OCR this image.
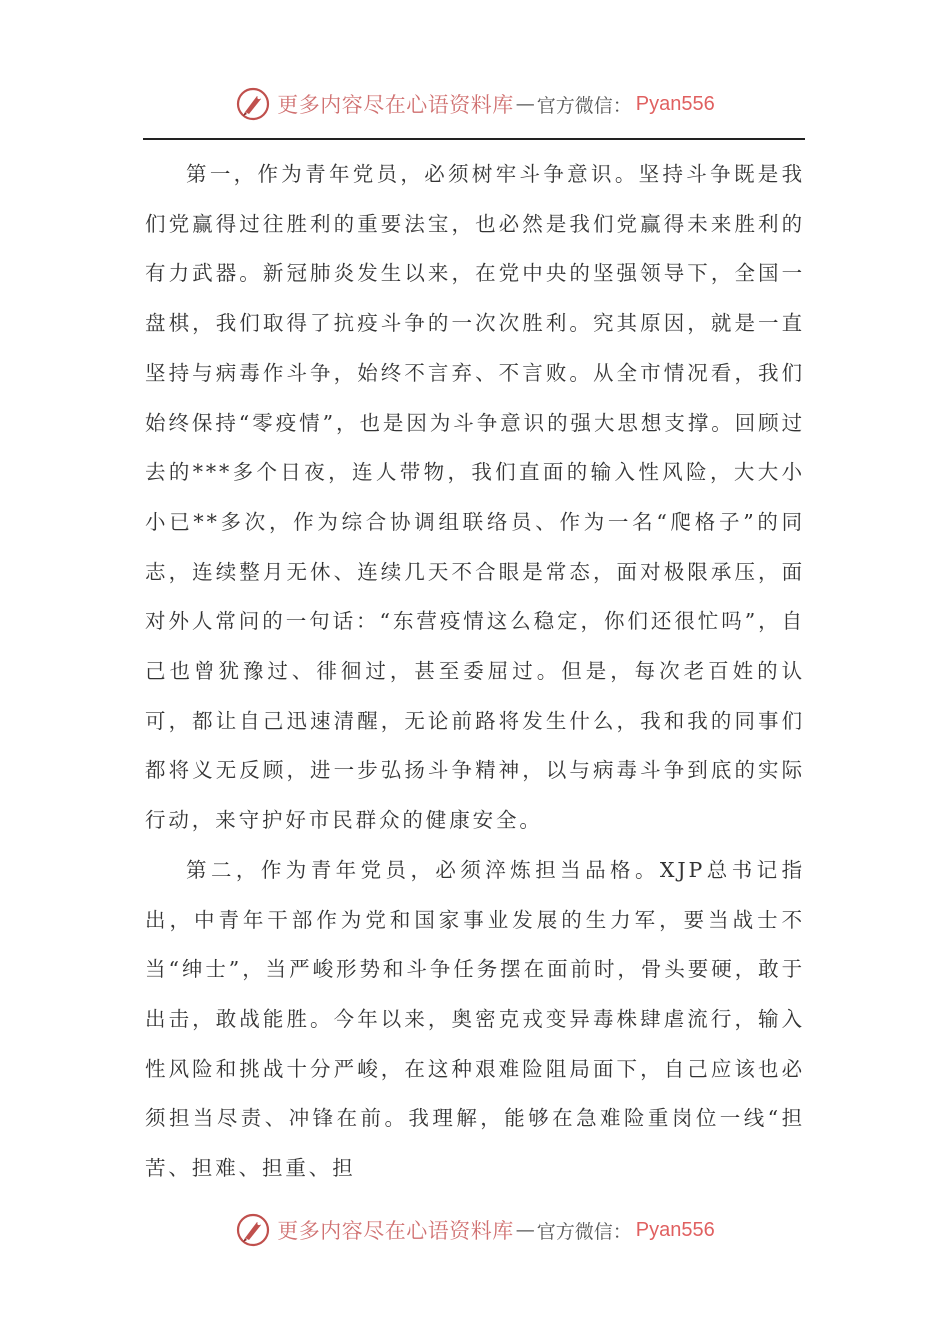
更多内容尽在心语资料库 — 官方微信： Pyan556

第一，作为青年党员，必须树牢斗争意识。坚持斗争既是我们党赢得过往胜利的重要法宝，也必然是我们党赢得未来胜利的有力武器。新冠肺炎发生以来，在党中央的坚强领导下，全国一盘棋，我们取得了抗疫斗争的一次次胜利。究其原因，就是一直坚持与病毒作斗争，始终不言弃、不言败。从全市情况看，我们始终保持“零疫情”，也是因为斗争意识的强大思想支撑。回顾过去的***多个日夜，连人带物，我们直面的输入性风险，大大小小已**多次，作为综合协调组联络员、作为一名“爬格子”的同志，连续整月无休、连续几天不合眼是常态，面对极限承压，面对外人常问的一句话：“东营疫情这么稳定，你们还很忙吗”，自己也曾犹豫过、徘徊过，甚至委屈过。但是，每次老百姓的认可，都让自己迅速清醒，无论前路将发生什么，我和我的同事们都将义无反顾，进一步弘扬斗争精神，以与病毒斗争到底的实际行动，来守护好市民群众的健康安全。

第二，作为青年党员，必须淬炼担当品格。XJP总书记指出，中青年干部作为党和国家事业发展的生力军，要当战士不当“绅士”，当严峻形势和斗争任务摆在面前时，骨头要硬，敢于出击，敢战能胜。今年以来，奥密克戎变异毒株肆虐流行，输入性风险和挑战十分严峻，在这种艰难险阻局面下，自己应该也必须担当尽责、冲锋在前。我理解，能够在急难险重岗位一线“担苦、担难、担重、担

更多内容尽在心语资料库 — 官方微信： Pyan556
